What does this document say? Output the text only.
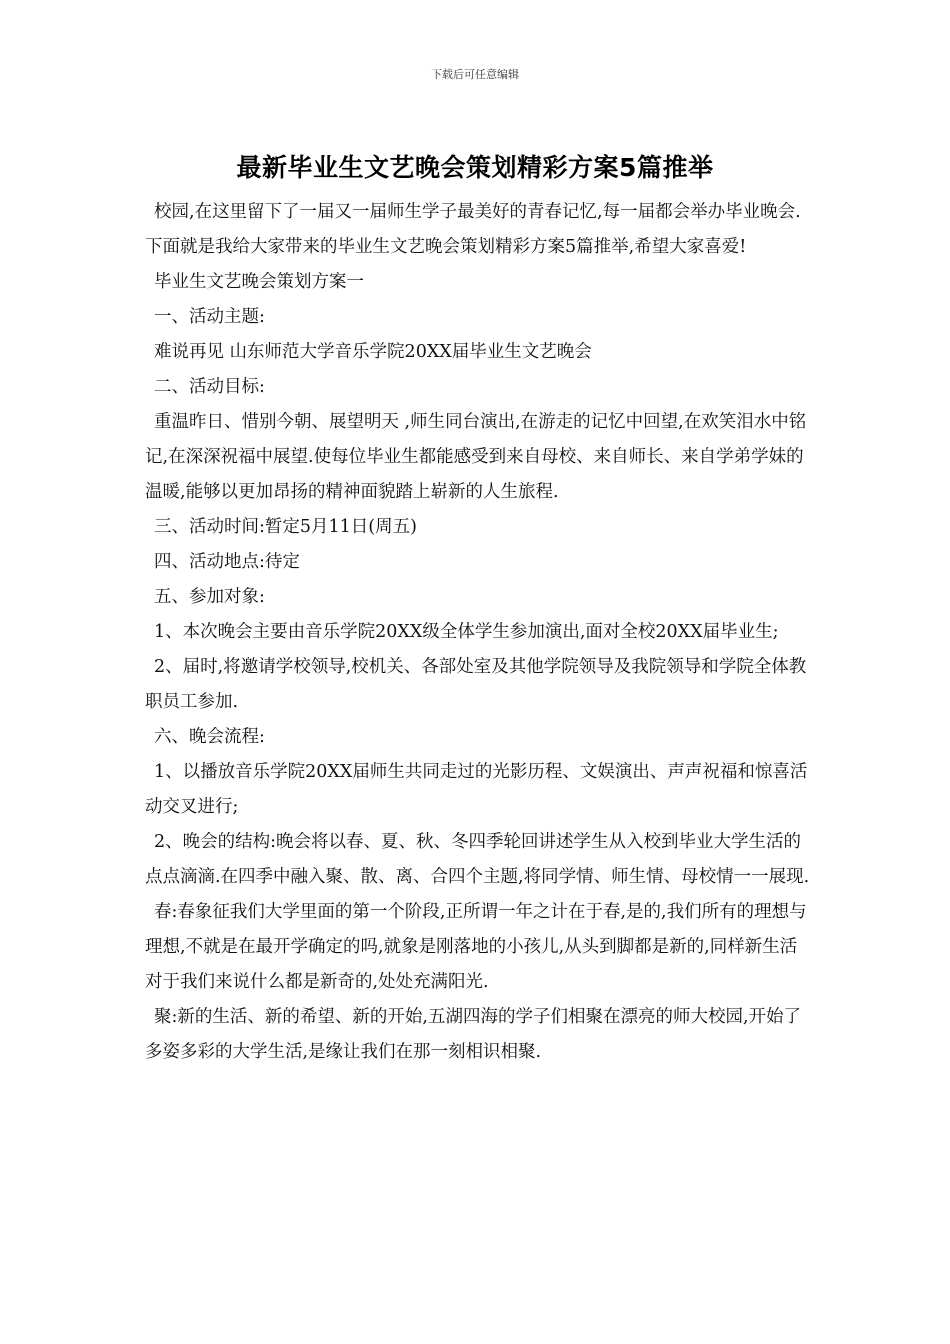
下载后可任意编辑
最新毕业生文艺晚会策划精彩方案5篇推举

校园,在这里留下了一届又一届师生学子最美好的青春记忆,每一届都会举办毕业晚会.下面就是我给大家带来的毕业生文艺晚会策划精彩方案5篇推举,希望大家喜爱!

毕业生文艺晚会策划方案一

一、活动主题:

难说再见 山东师范大学音乐学院20XX届毕业生文艺晚会

二、活动目标:

重温昨日、惜别今朝、展望明天 ,师生同台演出,在游走的记忆中回望,在欢笑泪水中铭记,在深深祝福中展望.使每位毕业生都能感受到来自母校、来自师长、来自学弟学妹的温暖,能够以更加昂扬的精神面貌踏上崭新的人生旅程.

三、活动时间:暂定5月11日(周五)

四、活动地点:待定

五、参加对象:

1、本次晚会主要由音乐学院20XX级全体学生参加演出,面对全校20XX届毕业生;

2、届时,将邀请学校领导,校机关、各部处室及其他学院领导及我院领导和学院全体教职员工参加.

六、晚会流程:

1、以播放音乐学院20XX届师生共同走过的光影历程、文娱演出、声声祝福和惊喜活动交叉进行;

2、晚会的结构:晚会将以春、夏、秋、冬四季轮回讲述学生从入校到毕业大学生活的点点滴滴.在四季中融入聚、散、离、合四个主题,将同学情、师生情、母校情一一展现.

春:春象征我们大学里面的第一个阶段,正所谓一年之计在于春,是的,我们所有的理想与理想,不就是在最开学确定的吗,就象是刚落地的小孩儿,从头到脚都是新的,同样新生活对于我们来说什么都是新奇的,处处充满阳光.

聚:新的生活、新的希望、新的开始,五湖四海的学子们相聚在漂亮的师大校园,开始了多姿多彩的大学生活,是缘让我们在那一刻相识相聚.
